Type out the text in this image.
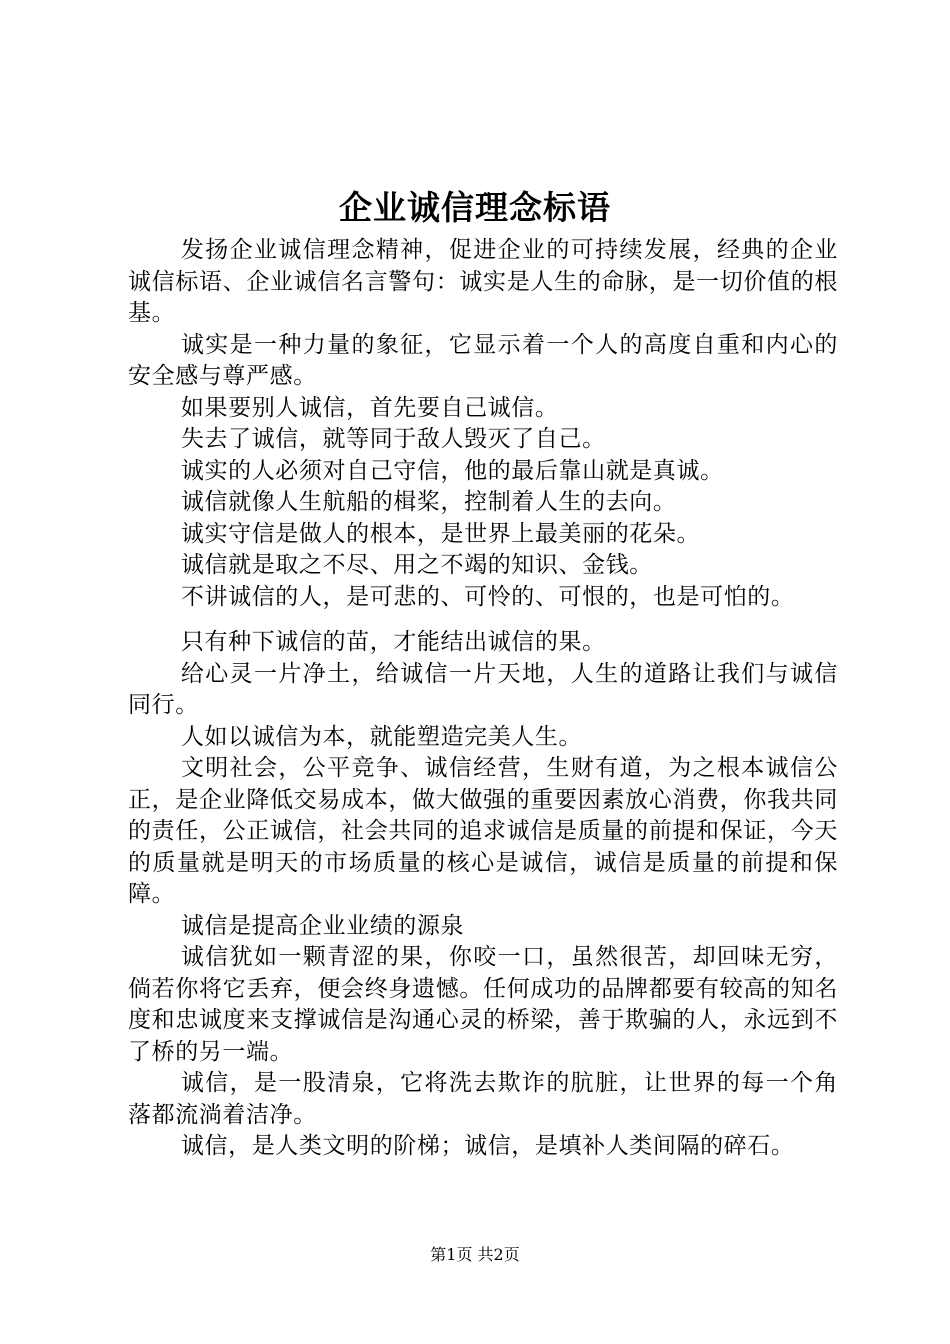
企业诚信理念标语

发扬企业诚信理念精神，促进企业的可持续发展，经典的企业诚信标语、企业诚信名言警句：诚实是人生的命脉，是一切价值的根基。

诚实是一种力量的象征，它显示着一个人的高度自重和内心的安全感与尊严感。

如果要别人诚信，首先要自己诚信。

失去了诚信，就等同于敌人毁灭了自己。

诚实的人必须对自己守信，他的最后靠山就是真诚。

诚信就像人生航船的楫桨，控制着人生的去向。

诚实守信是做人的根本，是世界上最美丽的花朵。

诚信就是取之不尽、用之不竭的知识、金钱。

不讲诚信的人，是可悲的、可怜的、可恨的，也是可怕的。

只有种下诚信的苗，才能结出诚信的果。

给心灵一片净土，给诚信一片天地，人生的道路让我们与诚信同行。

人如以诚信为本，就能塑造完美人生。

文明社会，公平竞争、诚信经营，生财有道，为之根本诚信公正，是企业降低交易成本，做大做强的重要因素放心消费，你我共同的责任，公正诚信，社会共同的追求诚信是质量的前提和保证，今天的质量就是明天的市场质量的核心是诚信，诚信是质量的前提和保障。

诚信是提高企业业绩的源泉

诚信犹如一颗青涩的果，你咬一口，虽然很苦，却回味无穷，倘若你将它丢弃，便会终身遗憾。任何成功的品牌都要有较高的知名度和忠诚度来支撑诚信是沟通心灵的桥梁，善于欺骗的人，永远到不了桥的另一端。

诚信，是一股清泉，它将洗去欺诈的肮脏，让世界的每一个角落都流淌着洁净。

诚信，是人类文明的阶梯；诚信，是填补人类间隔的碎石。

第1页 共2页
